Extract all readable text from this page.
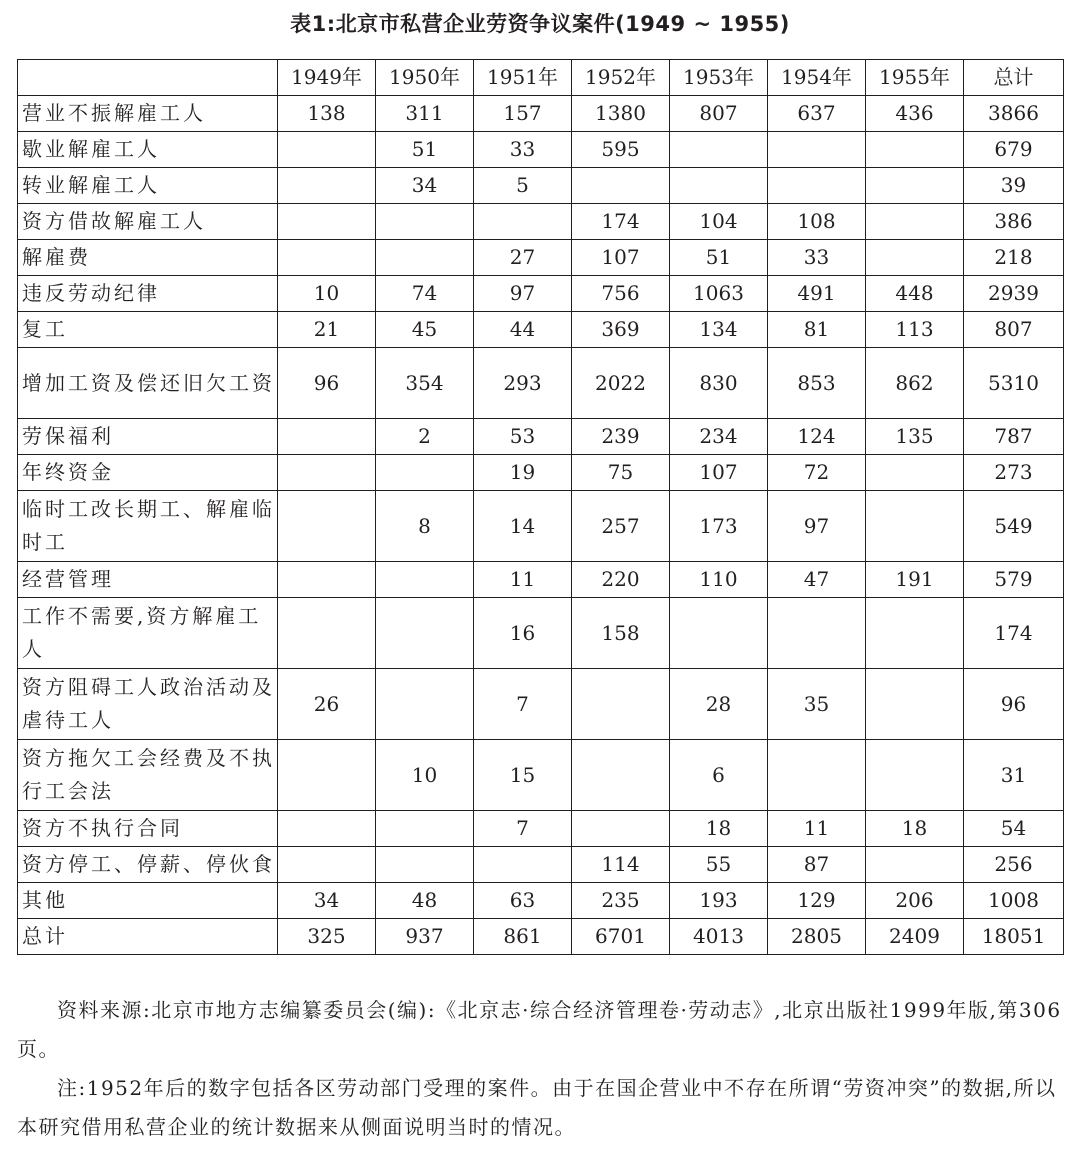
表1:北京市私营企业劳资争议案件(1949 ~ 1955)
	1949年	1950年	1951年	1952年	1953年	1954年	1955年	总计
营业不振解雇工人	138	311	157	1380	807	637	436	3866
歇业解雇工人		51	33	595				679
转业解雇工人		34	5					39
资方借故解雇工人				174	104	108		386
解雇费			27	107	51	33		218
违反劳动纪律	10	74	97	756	1063	491	448	2939
复工	21	45	44	369	134	81	113	807
增加工资及偿还旧欠工资	96	354	293	2022	830	853	862	5310
劳保福利		2	53	239	234	124	135	787
年终资金			19	75	107	72		273
临时工改长期工、解雇临时工		8	14	257	173	97		549
经营管理			11	220	110	47	191	579
工作不需要,资方解雇工人			16	158				174
资方阻碍工人政治活动及虐待工人	26		7		28	35		96
资方拖欠工会经费及不执行工会法		10	15		6			31
资方不执行合同			7		18	11	18	54
资方停工、停薪、停伙食				114	55	87		256
其他	34	48	63	235	193	129	206	1008
总计	325	937	861	6701	4013	2805	2409	18051

资料来源:北京市地方志编纂委员会(编):《北京志·综合经济管理卷·劳动志》,北京出版社1999年版,第306页。

注:1952年后的数字包括各区劳动部门受理的案件。由于在国企营业中不存在所谓“劳资冲突”的数据,所以本研究借用私营企业的统计数据来从侧面说明当时的情况。
